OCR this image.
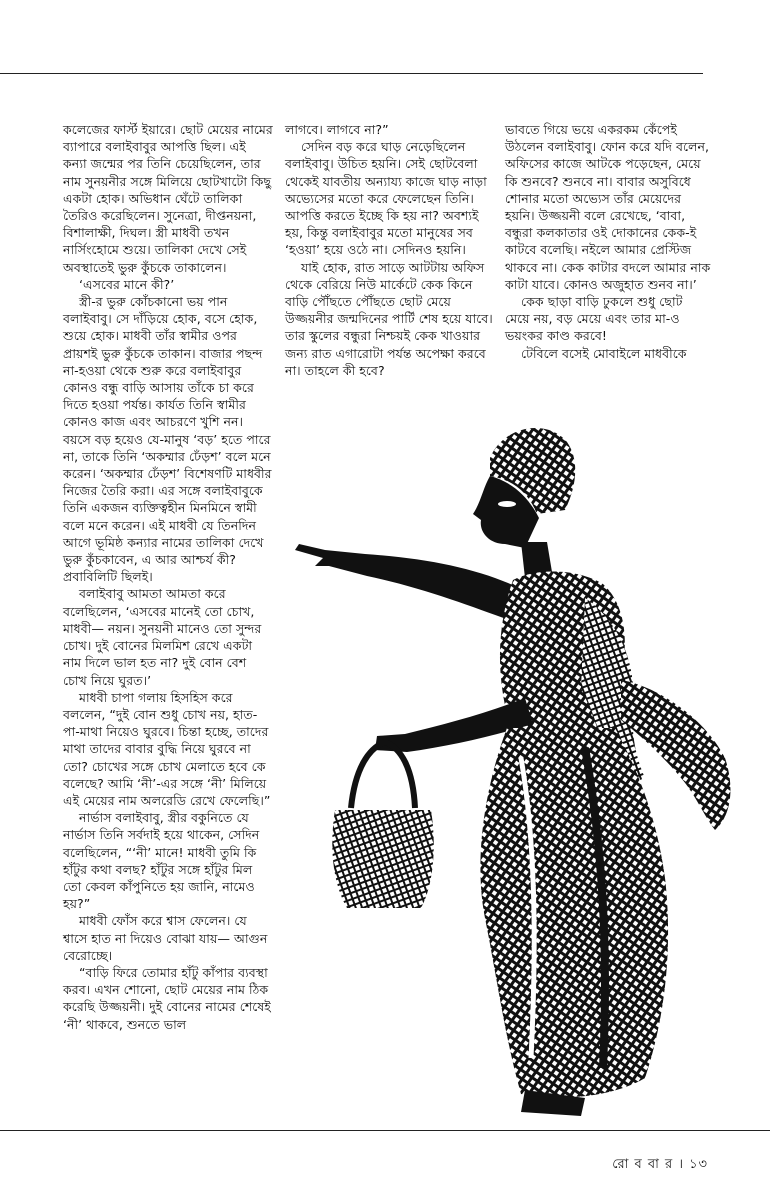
কলেজের ফার্স্ট ইয়ারে। ছোট মেয়ের নামের ব্যাপারে বলাইবাবুর আপত্তি ছিল। এই কন্যা জন্মের পর তিনি চেয়েছিলেন, তার নাম সুনয়নীর সঙ্গে মিলিয়ে ছোটখাটো কিছু একটা হোক। অভিধান ঘেঁটে তালিকা তৈরিও করেছিলেন। সুনেত্রা, দীপ্তনয়না, বিশালাক্ষী, দিঘল। স্ত্রী মাধবী তখন নার্সিংহোমে শুয়ে। তালিকা দেখে সেই অবস্থাতেই ভুরু কুঁচকে তাকালেন।

‘এসবের মানে কী?’

স্ত্রী-র ভুরু কোঁচকানো ভয় পান বলাইবাবু। সে দাঁড়িয়ে হোক, বসে হোক, শুয়ে হোক। মাধবী তাঁর স্বামীর ওপর প্রায়শই ভুরু কুঁচকে তাকান। বাজার পছন্দ না-হওয়া থেকে শুরু করে বলাইবাবুর কোনও বন্ধু বাড়ি আসায় তাঁকে চা করে দিতে হওয়া পর্যন্ত। কার্যত তিনি স্বামীর কোনও কাজ এবং আচরণে খুশি নন। বয়সে বড় হয়েও যে-মানুষ ‘বড়’ হতে পারে না, তাকে তিনি ‘অকম্মার ঢেঁড়শ’ বলে মনে করেন। ‘অকম্মার ঢেঁড়শ’ বিশেষণটি মাধবীর নিজের তৈরি করা। এর সঙ্গে বলাইবাবুকে তিনি একজন ব্যক্তিত্বহীন মিনমিনে স্বামী বলে মনে করেন। এই মাধবী যে তিনদিন আগে ভূমিষ্ঠ কন্যার নামের তালিকা দেখে ভুরু কুঁচকাবেন, এ আর আশ্চর্য কী? প্রবাবিলিটি ছিলই।

বলাইবাবু আমতা আমতা করে বলেছিলেন, ‘এসবের মানেই তো চোখ, মাধবী— নয়ন। সুনয়নী মানেও তো সুন্দর চোখ। দুই বোনের মিলমিশ রেখে একটা নাম দিলে ভাল হত না? দুই বোন বেশ চোখ নিয়ে ঘুরত।’

মাধবী চাপা গলায় হিসহিস করে বললেন, “দুই বোন শুধু চোখ নয়, হাত-পা-মাথা নিয়েও ঘুরবে। চিন্তা হচ্ছে, তাদের মাথা তাদের বাবার বুদ্ধি নিয়ে ঘুরবে না তো? চোখের সঙ্গে চোখ মেলাতে হবে কে বলেছে? আমি ‘নী’-এর সঙ্গে ‘নী’ মিলিয়ে এই মেয়ের নাম অলরেডি রেখে ফেলেছি।”

নার্ভাস বলাইবাবু, স্ত্রীর বকুনিতে যে নার্ভাস তিনি সর্বদাই হয়ে থাকেন, সেদিন বলেছিলেন, “‘নী’ মানে! মাধবী তুমি কি হাঁটুর কথা বলছ? হাঁটুর সঙ্গে হাঁটুর মিল তো কেবল কাঁপুনিতে হয় জানি, নামেও হয়?”

মাধবী ফোঁস করে শ্বাস ফেলেন। যে শ্বাসে হাত না দিয়েও বোঝা যায়— আগুন বেরোচ্ছে।

“বাড়ি ফিরে তোমার হাঁটু কাঁপার ব্যবস্থা করব। এখন শোনো, ছোট মেয়ের নাম ঠিক করেছি উজ্জয়নী। দুই বোনের নামের শেষেই ‘নী’ থাকবে, শুনতে ভাল

লাগবে। লাগবে না?”

সেদিন বড় করে ঘাড় নেড়েছিলেন বলাইবাবু। উচিত হয়নি। সেই ছোটবেলা থেকেই যাবতীয় অন্যায্য কাজে ঘাড় নাড়া অভ্যেসের মতো করে ফেলেছেন তিনি। আপত্তি করতে ইচ্ছে কি হয় না? অবশ্যই হয়, কিন্তু বলাইবাবুর মতো মানুষের সব ‘হওয়া’ হয়ে ওঠে না। সেদিনও হয়নি।

যাই হোক, রাত সাড়ে আটটায় অফিস থেকে বেরিয়ে নিউ মার্কেটে কেক কিনে বাড়ি পৌঁছতে পৌঁছতে ছোট মেয়ে উজ্জয়নীর জন্মদিনের পার্টি শেষ হয়ে যাবে। তার স্কুলের বন্ধুরা নিশ্চয়ই কেক খাওয়ার জন্য রাত এগারোটা পর্যন্ত অপেক্ষা করবে না। তাহলে কী হবে?

ভাবতে গিয়ে ভয়ে একরকম কেঁপেই উঠলেন বলাইবাবু। ফোন করে যদি বলেন, অফিসের কাজে আটকে পড়েছেন, মেয়ে কি শুনবে? শুনবে না। বাবার অসুবিধে শোনার মতো অভ্যেস তাঁর মেয়েদের হয়নি। উজ্জয়নী বলে রেখেছে, ‘বাবা, বন্ধুরা কলকাতার ওই দোকানের কেক-ই কাটবে বলেছি। নইলে আমার প্রেস্টিজ থাকবে না। কেক কাটার বদলে আমার নাক কাটা যাবে। কোনও অজুহাত শুনব না।’

কেক ছাড়া বাড়ি ঢুকলে শুধু ছোট মেয়ে নয়, বড় মেয়ে এবং তার মা-ও ভয়ংকর কাণ্ড করবে!

টেবিলে বসেই মোবাইলে মাধবীকে

রো ব বা র । ১৩
